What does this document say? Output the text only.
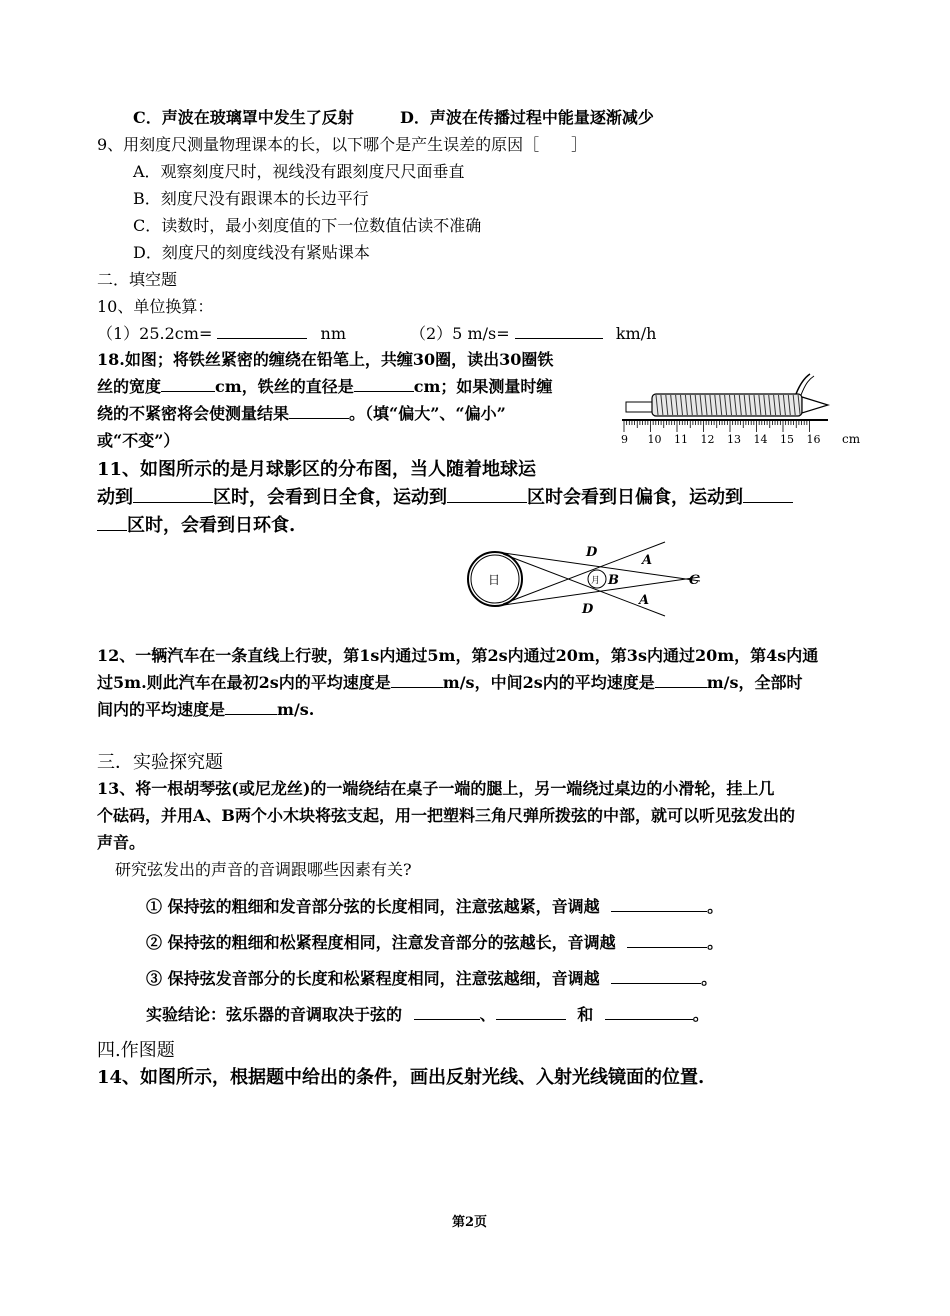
C．声波在玻璃罩中发生了反射	D．声波在传播过程中能量逐渐减少
9、用刻度尺测量物理课本的长，以下哪个是产生误差的原因［　　］
A．观察刻度尺时，视线没有跟刻度尺尺面垂直
B．刻度尺没有跟课本的长边平行
C．读数时，最小刻度值的下一位数值估读不准确
D．刻度尺的刻度线没有紧贴课本
二．填空题
10、单位换算：
（1）25.2cm=	nm	（2）5 m/s=	km/h
18.如图；将铁丝紧密的缠绕在铅笔上，共缠30圈，读出30圈铁
丝的宽度	cm，铁丝的直径是	cm；如果测量时缠
绕的不紧密将会使测量结果	。（填“偏大”、“偏小”
或“不变”）	9 10 11 12 13 14 15 16 cm
11、如图所示的是月球影区的分布图，当人随着地球运
动到	区时，会看到日全食，运动到	区时会看到日偏食，运动到
区时，会看到日环食.
日	月
D
D
A
A
B	C
12、一辆汽车在一条直线上行驶，第1s内通过5m，第2s内通过20m，第3s内通过20m，第4s内通
过5m.则此汽车在最初2s内的平均速度是	m/s，中间2s内的平均速度是	m/s，全部时
间内的平均速度是	m/s.
三．实验探究题
13、将一根胡琴弦(或尼龙丝)的一端绕结在桌子一端的腿上，另一端绕过桌边的小滑轮，挂上几
个砝码，并用A、B两个小木块将弦支起，用一把塑料三角尺弹所拨弦的中部，就可以听见弦发出的
声音。
研究弦发出的声音的音调跟哪些因素有关?
① 保持弦的粗细和发音部分弦的长度相同，注意弦越紧，音调越	。
② 保持弦的粗细和松紧程度相同，注意发音部分的弦越长，音调越	。
③ 保持弦发音部分的长度和松紧程度相同，注意弦越细，音调越	。
实验结论：弦乐器的音调取决于弦的	、	和	。
四.作图题
14、如图所示，根据题中给出的条件，画出反射光线、入射光线镜面的位置.
第2页
